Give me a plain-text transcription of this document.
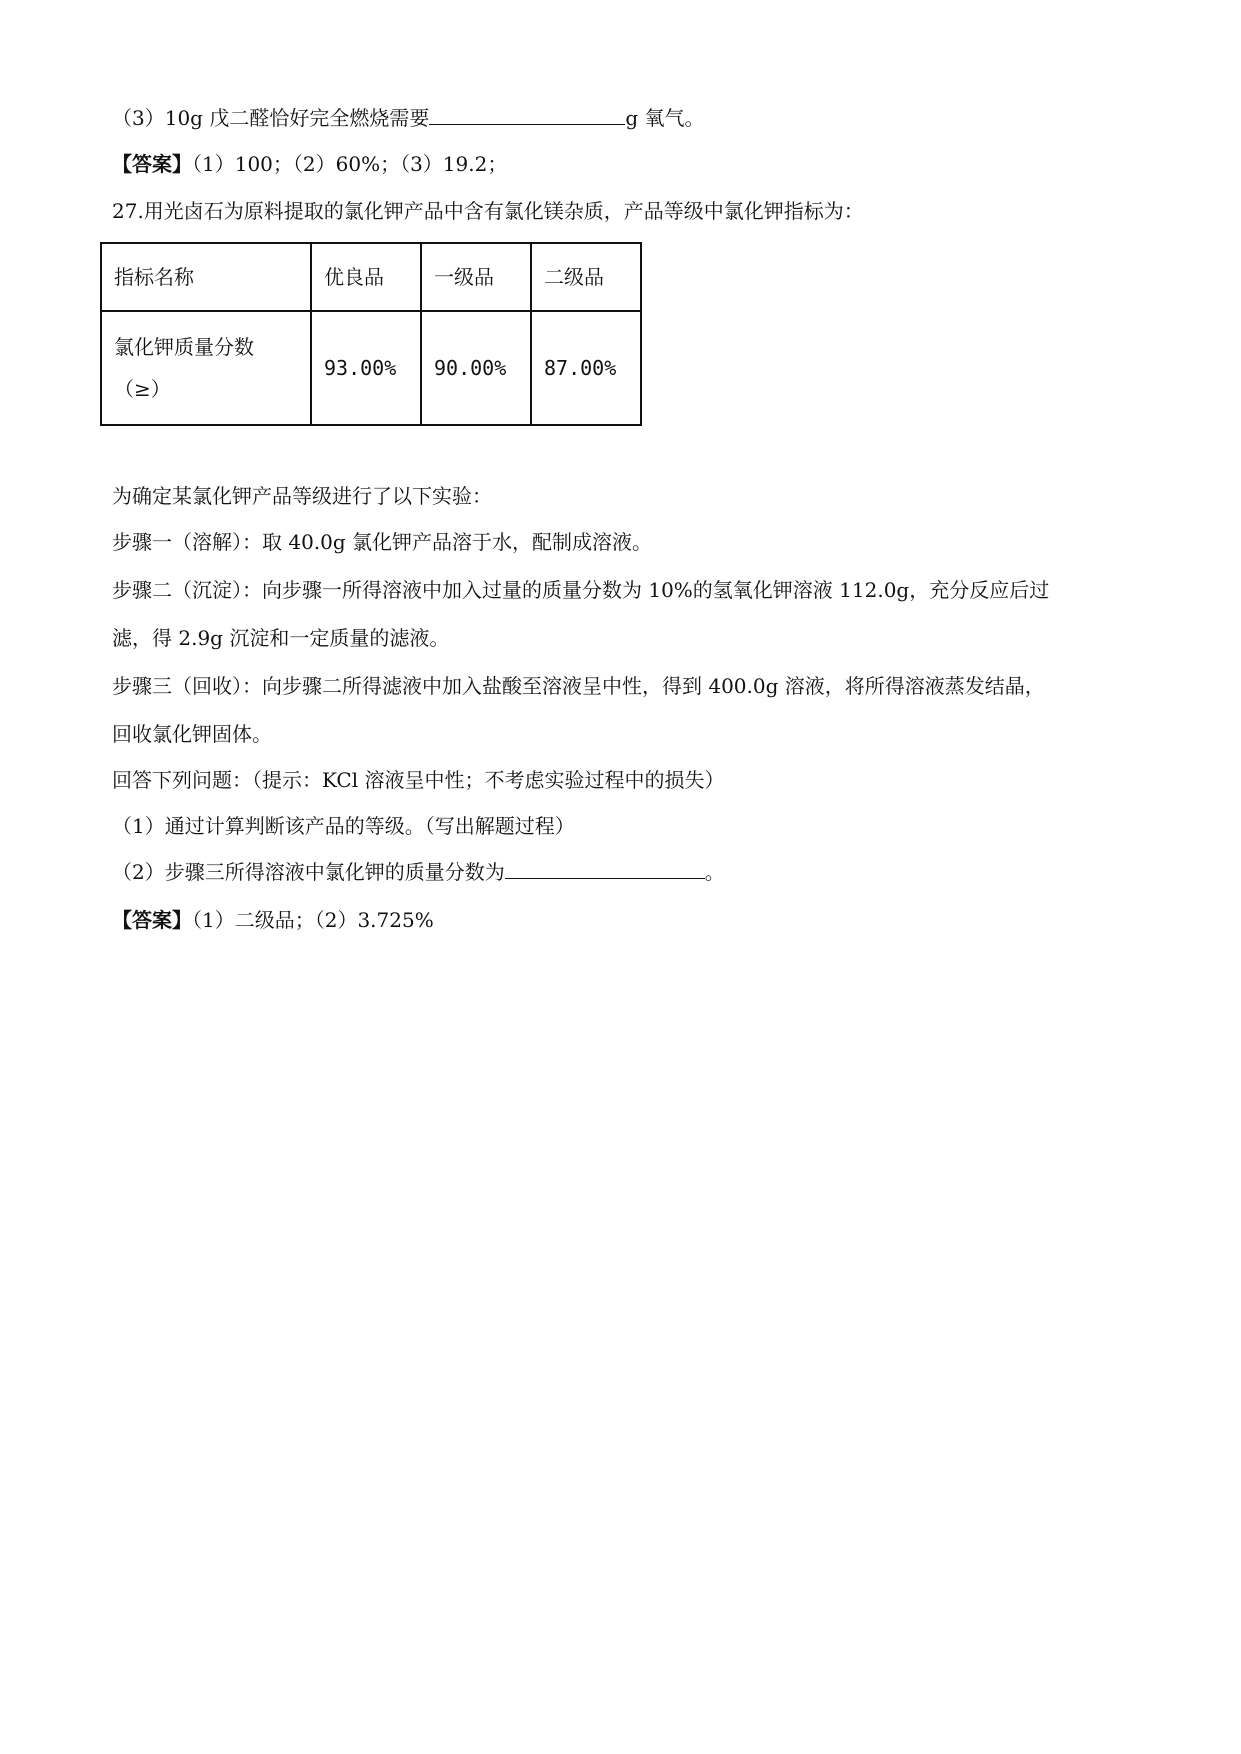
（3）10g 戊二醛恰好完全燃烧需要	g 氧气。
【答案】（1）100；（2）60%；（3）19.2；
27.用光卤石为原料提取的氯化钾产品中含有氯化镁杂质，产品等级中氯化钾指标为：
指标名称	优良品	一级品	二级品

氯化钾质量分数
（≥）	93.00%	90.00%	87.00%
为确定某氯化钾产品等级进行了以下实验：
步骤一（溶解）：取 40.0g 氯化钾产品溶于水，配制成溶液。
步骤二（沉淀）：向步骤一所得溶液中加入过量的质量分数为 10%的氢氧化钾溶液 112.0g，充分反应后过
滤，得 2.9g 沉淀和一定质量的滤液。
步骤三（回收）：向步骤二所得滤液中加入盐酸至溶液呈中性，得到 400.0g 溶液，将所得溶液蒸发结晶，
回收氯化钾固体。
回答下列问题：（提示：KCl 溶液呈中性；不考虑实验过程中的损失）
（1）通过计算判断该产品的等级。（写出解题过程）
（2）步骤三所得溶液中氯化钾的质量分数为	。
【答案】（1）二级品；（2）3.725%
